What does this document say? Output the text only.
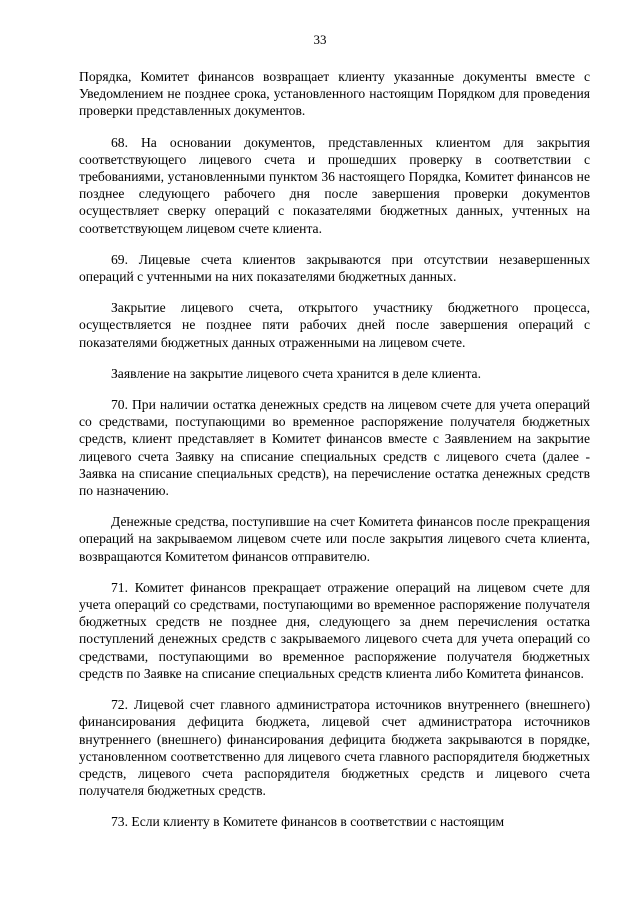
33

Порядка, Комитет финансов возвращает клиенту указанные документы вместе с Уведомлением не позднее срока, установленного настоящим Порядком для проведения проверки представленных документов.

68. На основании документов, представленных клиентом для закрытия соответствующего лицевого счета и прошедших проверку в соответствии с требованиями, установленными пунктом 36 настоящего Порядка, Комитет финансов не позднее следующего рабочего дня после завершения проверки документов осуществляет сверку операций с показателями бюджетных данных, учтенных на соответствующем лицевом счете клиента.

69. Лицевые счета клиентов закрываются при отсутствии незавершенных операций с учтенными на них показателями бюджетных данных.

Закрытие лицевого счета, открытого участнику бюджетного процесса, осуществляется не позднее пяти рабочих дней после завершения операций с показателями бюджетных данных отраженными на лицевом счете.

Заявление на закрытие лицевого счета хранится в деле клиента.

70. При наличии остатка денежных средств на лицевом счете для учета операций со средствами, поступающими во временное распоряжение получателя бюджетных средств, клиент представляет в Комитет финансов вместе с Заявлением на закрытие лицевого счета Заявку на списание специальных средств с лицевого счета (далее - Заявка на списание специальных средств), на перечисление остатка денежных средств по назначению.

Денежные средства, поступившие на счет Комитета финансов после прекращения операций на закрываемом лицевом счете или после закрытия лицевого счета клиента, возвращаются Комитетом финансов отправителю.

71. Комитет финансов прекращает отражение операций на лицевом счете для учета операций со средствами, поступающими во временное распоряжение получателя бюджетных средств не позднее дня, следующего за днем перечисления остатка поступлений денежных средств с закрываемого лицевого счета для учета операций со средствами, поступающими во временное распоряжение получателя бюджетных средств по Заявке на списание специальных средств клиента либо Комитета финансов.

72. Лицевой счет главного администратора источников внутреннего (внешнего) финансирования дефицита бюджета, лицевой счет администратора источников внутреннего (внешнего) финансирования дефицита бюджета закрываются в порядке, установленном соответственно для лицевого счета главного распорядителя бюджетных средств, лицевого счета распорядителя бюджетных средств и лицевого счета получателя бюджетных средств.

73. Если клиенту в Комитете финансов в соответствии с настоящим
